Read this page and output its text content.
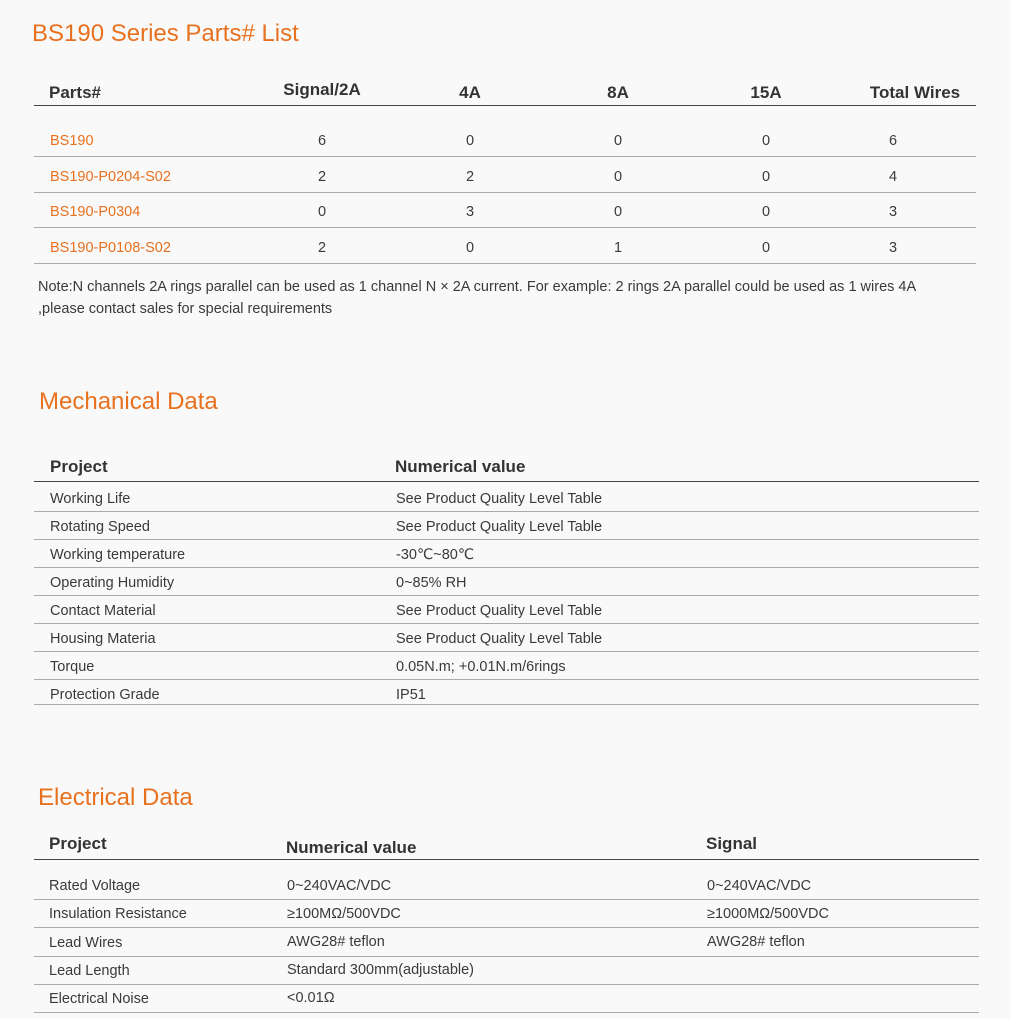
BS190 Series Parts# List
Parts#	Signal/2A	4A	8A	15A	Total Wires
BS190	6	0	0	0	6
BS190-P0204-S02	2	2	0	0	4
BS190-P0304	0	3	0	0	3
BS190-P0108-S02	2	0	1	0	3
Note:N channels 2A rings parallel can be used as 1 channel N × 2A current. For example: 2 rings 2A parallel could be used as 1 wires 4A
,please contact sales for special requirements
Mechanical Data
Project	Numerical value
Working Life	See Product Quality Level Table
Rotating Speed	See Product Quality Level Table
Working temperature	-30℃~80℃
Operating Humidity	0~85% RH
Contact Material	See Product Quality Level Table
Housing Materia	See Product Quality Level Table
Torque	0.05N.m; +0.01N.m/6rings
Protection Grade	IP51
Electrical Data
Project	Numerical value	Signal
Rated Voltage	0~240VAC/VDC	0~240VAC/VDC
Insulation Resistance	≥100MΩ/500VDC	≥1000MΩ/500VDC
Lead Wires	AWG28# teflon	AWG28# teflon
Lead Length	Standard 300mm(adjustable)
Electrical Noise	<0.01Ω
